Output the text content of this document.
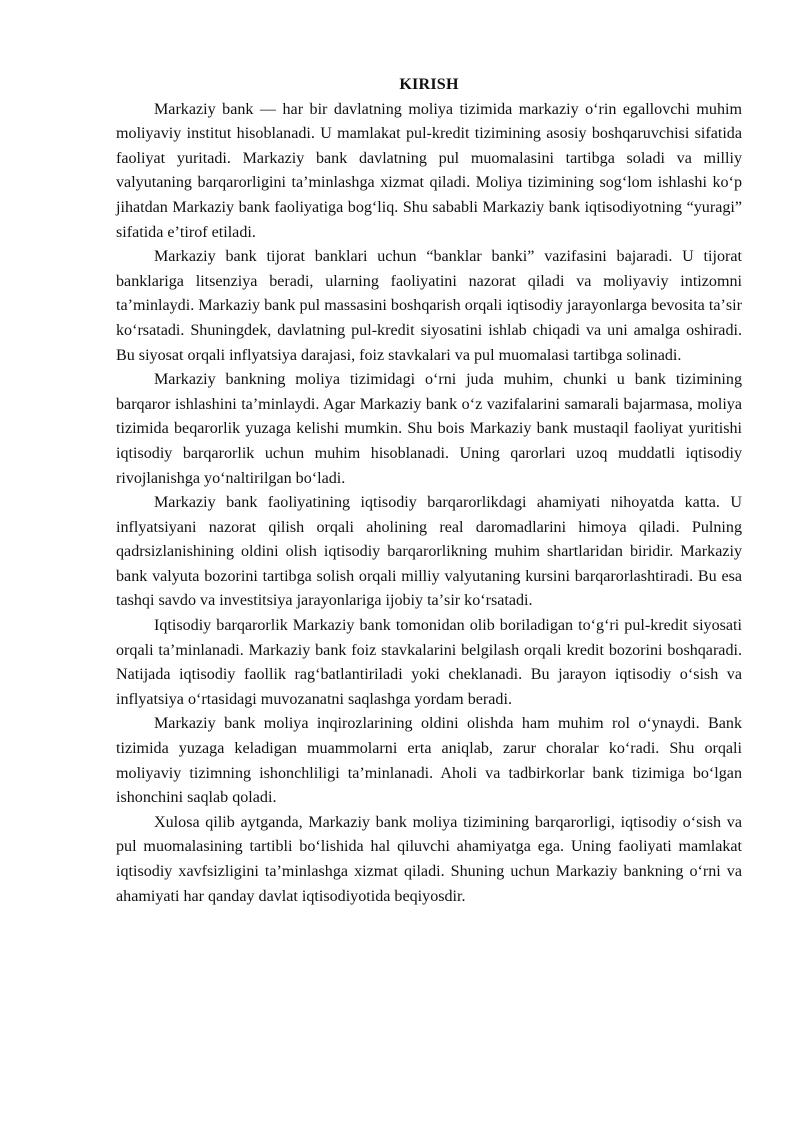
KIRISH

Markaziy bank — har bir davlatning moliya tizimida markaziy oʻrin egallovchi muhim moliyaviy institut hisoblanadi. U mamlakat pul-kredit tizimining asosiy boshqaruvchisi sifatida faoliyat yuritadi. Markaziy bank davlatning pul muomalasini tartibga soladi va milliy valyutaning barqarorligini taʼminlashga xizmat qiladi. Moliya tizimining sogʻlom ishlashi koʻp jihatdan Markaziy bank faoliyatiga bogʻliq. Shu sababli Markaziy bank iqtisodiyotning “yuragi” sifatida eʼtirof etiladi.

Markaziy bank tijorat banklari uchun “banklar banki” vazifasini bajaradi. U tijorat banklariga litsenziya beradi, ularning faoliyatini nazorat qiladi va moliyaviy intizomni taʼminlaydi. Markaziy bank pul massasini boshqarish orqali iqtisodiy jarayonlarga bevosita taʼsir koʻrsatadi. Shuningdek, davlatning pul-kredit siyosatini ishlab chiqadi va uni amalga oshiradi. Bu siyosat orqali inflyatsiya darajasi, foiz stavkalari va pul muomalasi tartibga solinadi.

Markaziy bankning moliya tizimidagi oʻrni juda muhim, chunki u bank tizimining barqaror ishlashini taʼminlaydi. Agar Markaziy bank oʻz vazifalarini samarali bajarmasa, moliya tizimida beqarorlik yuzaga kelishi mumkin. Shu bois Markaziy bank mustaqil faoliyat yuritishi iqtisodiy barqarorlik uchun muhim hisoblanadi. Uning qarorlari uzoq muddatli iqtisodiy rivojlanishga yoʻnaltirilgan boʻladi.

Markaziy bank faoliyatining iqtisodiy barqarorlikdagi ahamiyati nihoyatda katta. U inflyatsiyani nazorat qilish orqali aholining real daromadlarini himoya qiladi. Pulning qadrsizlanishining oldini olish iqtisodiy barqarorlikning muhim shartlaridan biridir. Markaziy bank valyuta bozorini tartibga solish orqali milliy valyutaning kursini barqarorlashtiradi. Bu esa tashqi savdo va investitsiya jarayonlariga ijobiy taʼsir koʻrsatadi.

Iqtisodiy barqarorlik Markaziy bank tomonidan olib boriladigan toʻgʻri pul-kredit siyosati orqali taʼminlanadi. Markaziy bank foiz stavkalarini belgilash orqali kredit bozorini boshqaradi. Natijada iqtisodiy faollik ragʻbatlantiriladi yoki cheklanadi. Bu jarayon iqtisodiy oʻsish va inflyatsiya oʻrtasidagi muvozanatni saqlashga yordam beradi.

Markaziy bank moliya inqirozlarining oldini olishda ham muhim rol oʻynaydi. Bank tizimida yuzaga keladigan muammolarni erta aniqlab, zarur choralar koʻradi. Shu orqali moliyaviy tizimning ishonchliligi taʼminlanadi. Aholi va tadbirkorlar bank tizimiga boʻlgan ishonchini saqlab qoladi.

Xulosa qilib aytganda, Markaziy bank moliya tizimining barqarorligi, iqtisodiy oʻsish va pul muomalasining tartibli boʻlishida hal qiluvchi ahamiyatga ega. Uning faoliyati mamlakat iqtisodiy xavfsizligini taʼminlashga xizmat qiladi. Shuning uchun Markaziy bankning oʻrni va ahamiyati har qanday davlat iqtisodiyotida beqiyosdir.
